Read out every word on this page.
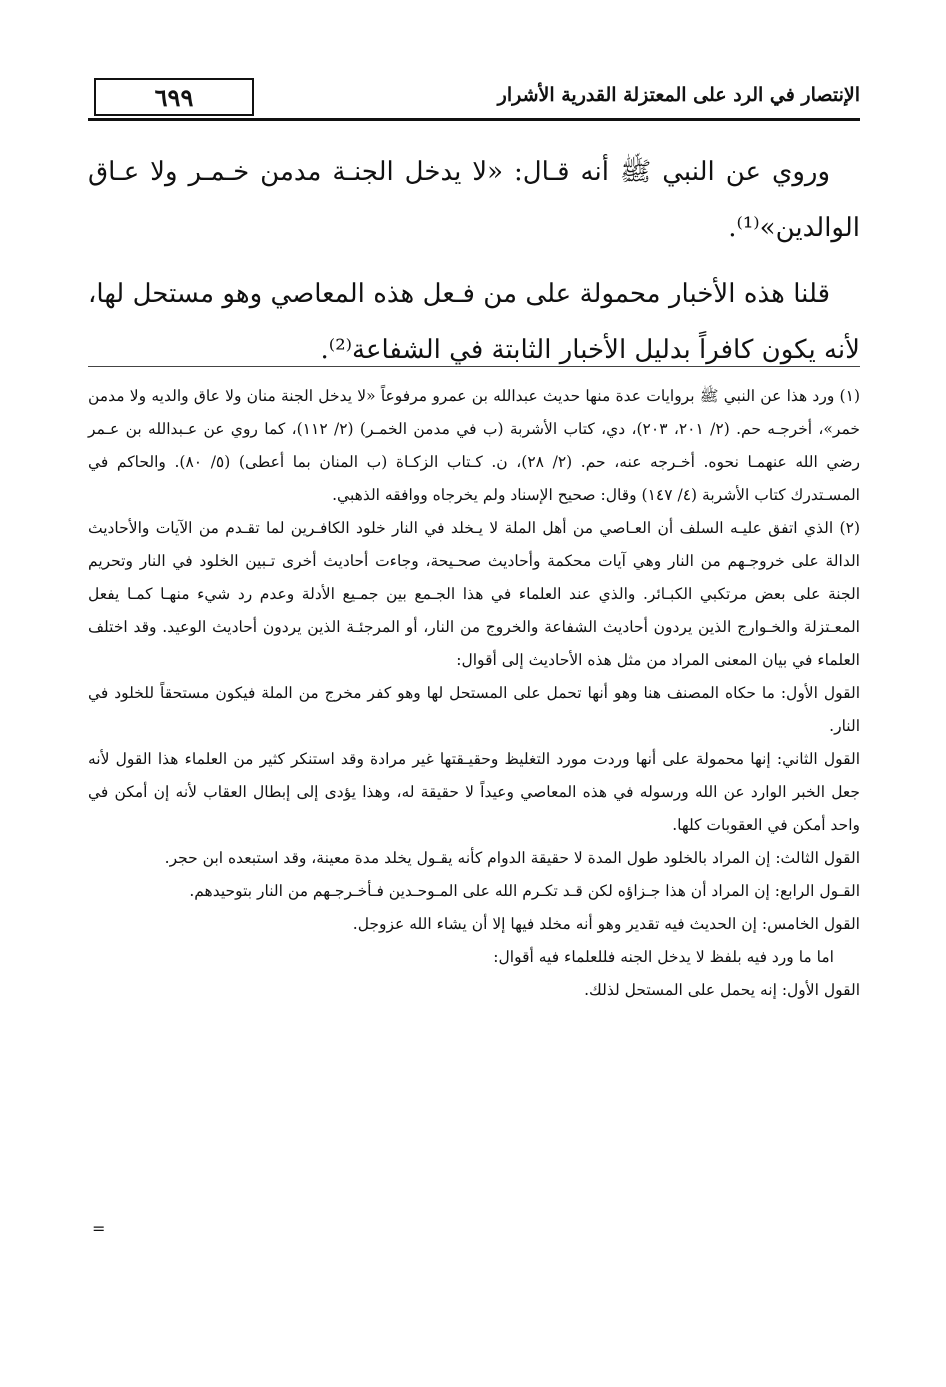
٦٩٩	الإنتصار في الرد على المعتزلة القدرية الأشرار

وروي عن النبي ﷺ أنه قـال: «لا يدخل الجنـة مدمن خـمـر ولا عـاق الوالدين»⁽¹⁾.

قلنا هذه الأخبار محمولة على من فـعل هذه المعاصي وهو مستحل لها، لأنه يكون كافراً بدليل الأخبار الثابتة في الشفاعة⁽²⁾.

(١) ورد هذا عن النبي ﷺ بروايات عدة منها حديث عبدالله بن عمرو مرفوعاً «لا يدخل الجنة منان ولا عاق والديه ولا مدمن خمر»، أخرجـه حم. (٢/ ٢٠١، ٢٠٣)، دي، كتاب الأشربة (ب في مدمن الخمـر) (٢/ ١١٢)، كما روي عن عـبدالله بن عـمر رضي الله عنهمـا نحوه. أخـرجه عنه، حم. (٢/ ٢٨)، ن. كـتاب الزكـاة (ب المنان بما أعطى) (٥/ ٨٠). والحاكم في المسـتدرك كتاب الأشربة (٤/ ١٤٧) وقال: صحيح الإسناد ولم يخرجاه ووافقه الذهبي.

(٢) الذي اتفق عليـه السلف أن العـاصي من أهل الملة لا يـخلد في النار خلود الكافـرين لما تقـدم من الآيات والأحاديث الدالة على خروجـهم من النار وهي آيات محكمة وأحاديث صحـيحة، وجاءت أحاديث أخرى تـبين الخلود في النار وتحريم الجنة على بعض مرتكبي الكبـائر. والذي عند العلماء في هذا الجـمع بين جمـيع الأدلة وعدم رد شيء منهـا كمـا يفعل المعـتزلة والخـوارج الذين يردون أحاديث الشفاعة والخروج من النار، أو المرجئـة الذين يردون أحاديث الوعيد. وقد اختلف العلماء في بيان المعنى المراد من مثل هذه الأحاديث إلى أقوال:

القول الأول: ما حكاه المصنف هنا وهو أنها تحمل على المستحل لها وهو كفر مخرج من الملة فيكون مستحقاً للخلود في النار.

القول الثاني: إنها محمولة على أنها وردت مورد التغليظ وحقيـقتها غير مرادة وقد استنكر كثير من العلماء هذا القول لأنه جعل الخبر الوارد عن الله ورسوله في هذه المعاصي وعيداً لا حقيقة له، وهذا يؤدى إلى إبطال العقاب لأنه إن أمكن في واحد أمكن في العقوبات كلها.

القول الثالث: إن المراد بالخلود طول المدة لا حقيقة الدوام كأنه يقـول يخلد مدة معينة، وقد استبعده ابن حجر.

القـول الرابع: إن المراد أن هذا جـزاؤه لكن قـد تكـرم الله على المـوحـدين فـأخـرجـهم من النار بتوحيدهم.

القول الخامس: إن الحديث فيه تقدير وهو أنه مخلد فيها إلا أن يشاء الله عزوجل.

اما ما ورد فيه بلفظ لا يدخل الجنه فللعلماء فيه أقوال:

القول الأول: إنه يحمل على المستحل لذلك.

=
